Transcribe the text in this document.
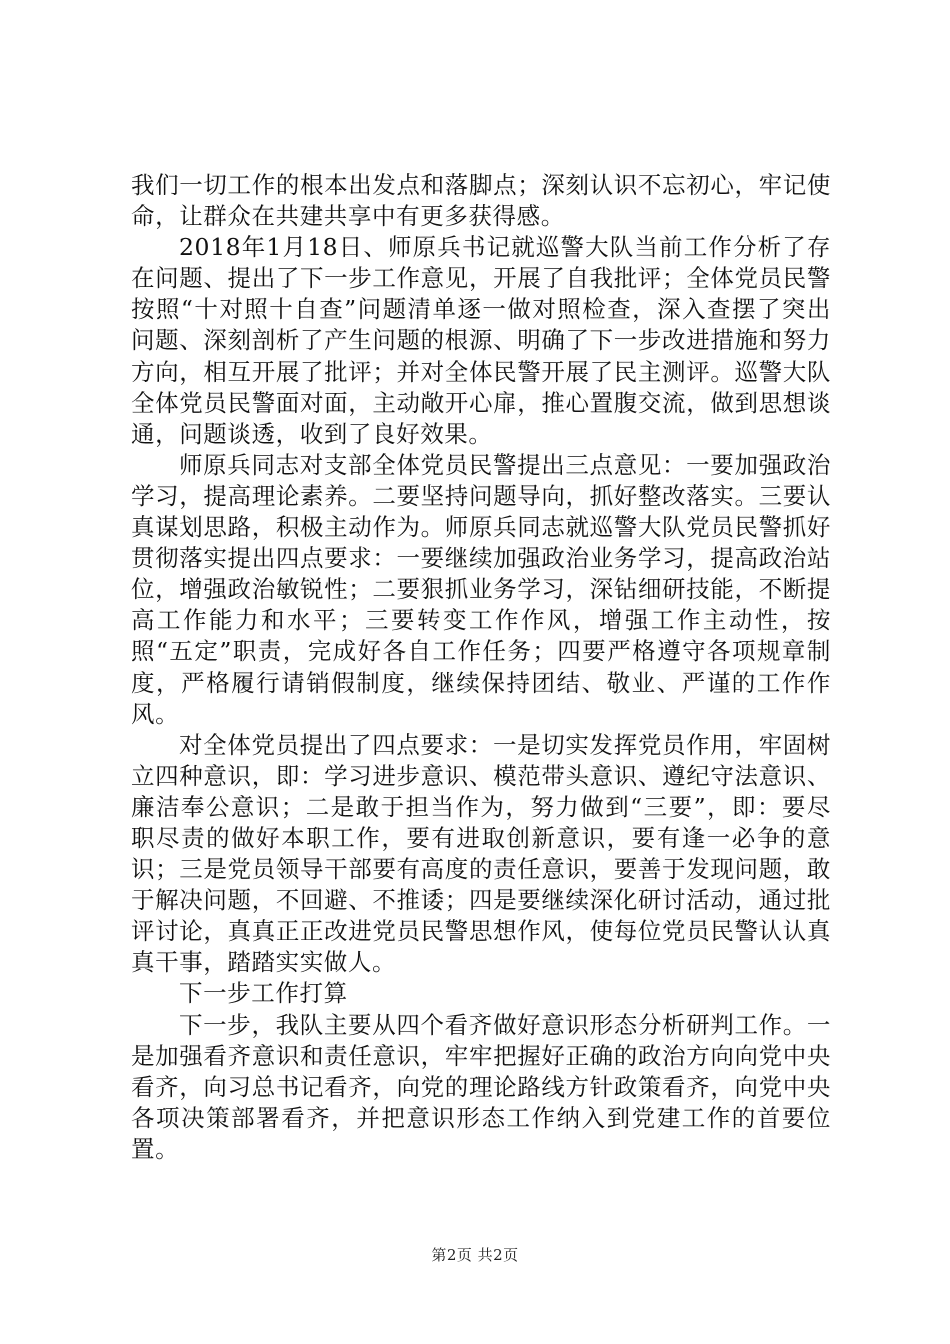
我们一切工作的根本出发点和落脚点；深刻认识不忘初心，牢记使命，让群众在共建共享中有更多获得感。

2018年1月18日、师原兵书记就巡警大队当前工作分析了存在问题、提出了下一步工作意见，开展了自我批评；全体党员民警按照“十对照十自查”问题清单逐一做对照检查，深入查摆了突出问题、深刻剖析了产生问题的根源、明确了下一步改进措施和努力方向，相互开展了批评；并对全体民警开展了民主测评。巡警大队全体党员民警面对面，主动敞开心扉，推心置腹交流，做到思想谈通，问题谈透，收到了良好效果。

师原兵同志对支部全体党员民警提出三点意见：一要加强政治学习，提高理论素养。二要坚持问题导向，抓好整改落实。三要认真谋划思路，积极主动作为。师原兵同志就巡警大队党员民警抓好贯彻落实提出四点要求：一要继续加强政治业务学习，提高政治站位，增强政治敏锐性；二要狠抓业务学习，深钻细研技能，不断提高工作能力和水平；三要转变工作作风，增强工作主动性，按照“五定”职责，完成好各自工作任务；四要严格遵守各项规章制度，严格履行请销假制度，继续保持团结、敬业、严谨的工作作风。

对全体党员提出了四点要求：一是切实发挥党员作用，牢固树立四种意识，即：学习进步意识、模范带头意识、遵纪守法意识、廉洁奉公意识；二是敢于担当作为，努力做到“三要”，即：要尽职尽责的做好本职工作，要有进取创新意识，要有逢一必争的意识；三是党员领导干部要有高度的责任意识，要善于发现问题，敢于解决问题，不回避、不推诿；四是要继续深化研讨活动，通过批评讨论，真真正正改进党员民警思想作风，使每位党员民警认认真真干事，踏踏实实做人。

下一步工作打算

下一步，我队主要从四个看齐做好意识形态分析研判工作。一是加强看齐意识和责任意识，牢牢把握好正确的政治方向向党中央看齐，向习总书记看齐，向党的理论路线方针政策看齐，向党中央各项决策部署看齐，并把意识形态工作纳入到党建工作的首要位置。

第2页 共2页
